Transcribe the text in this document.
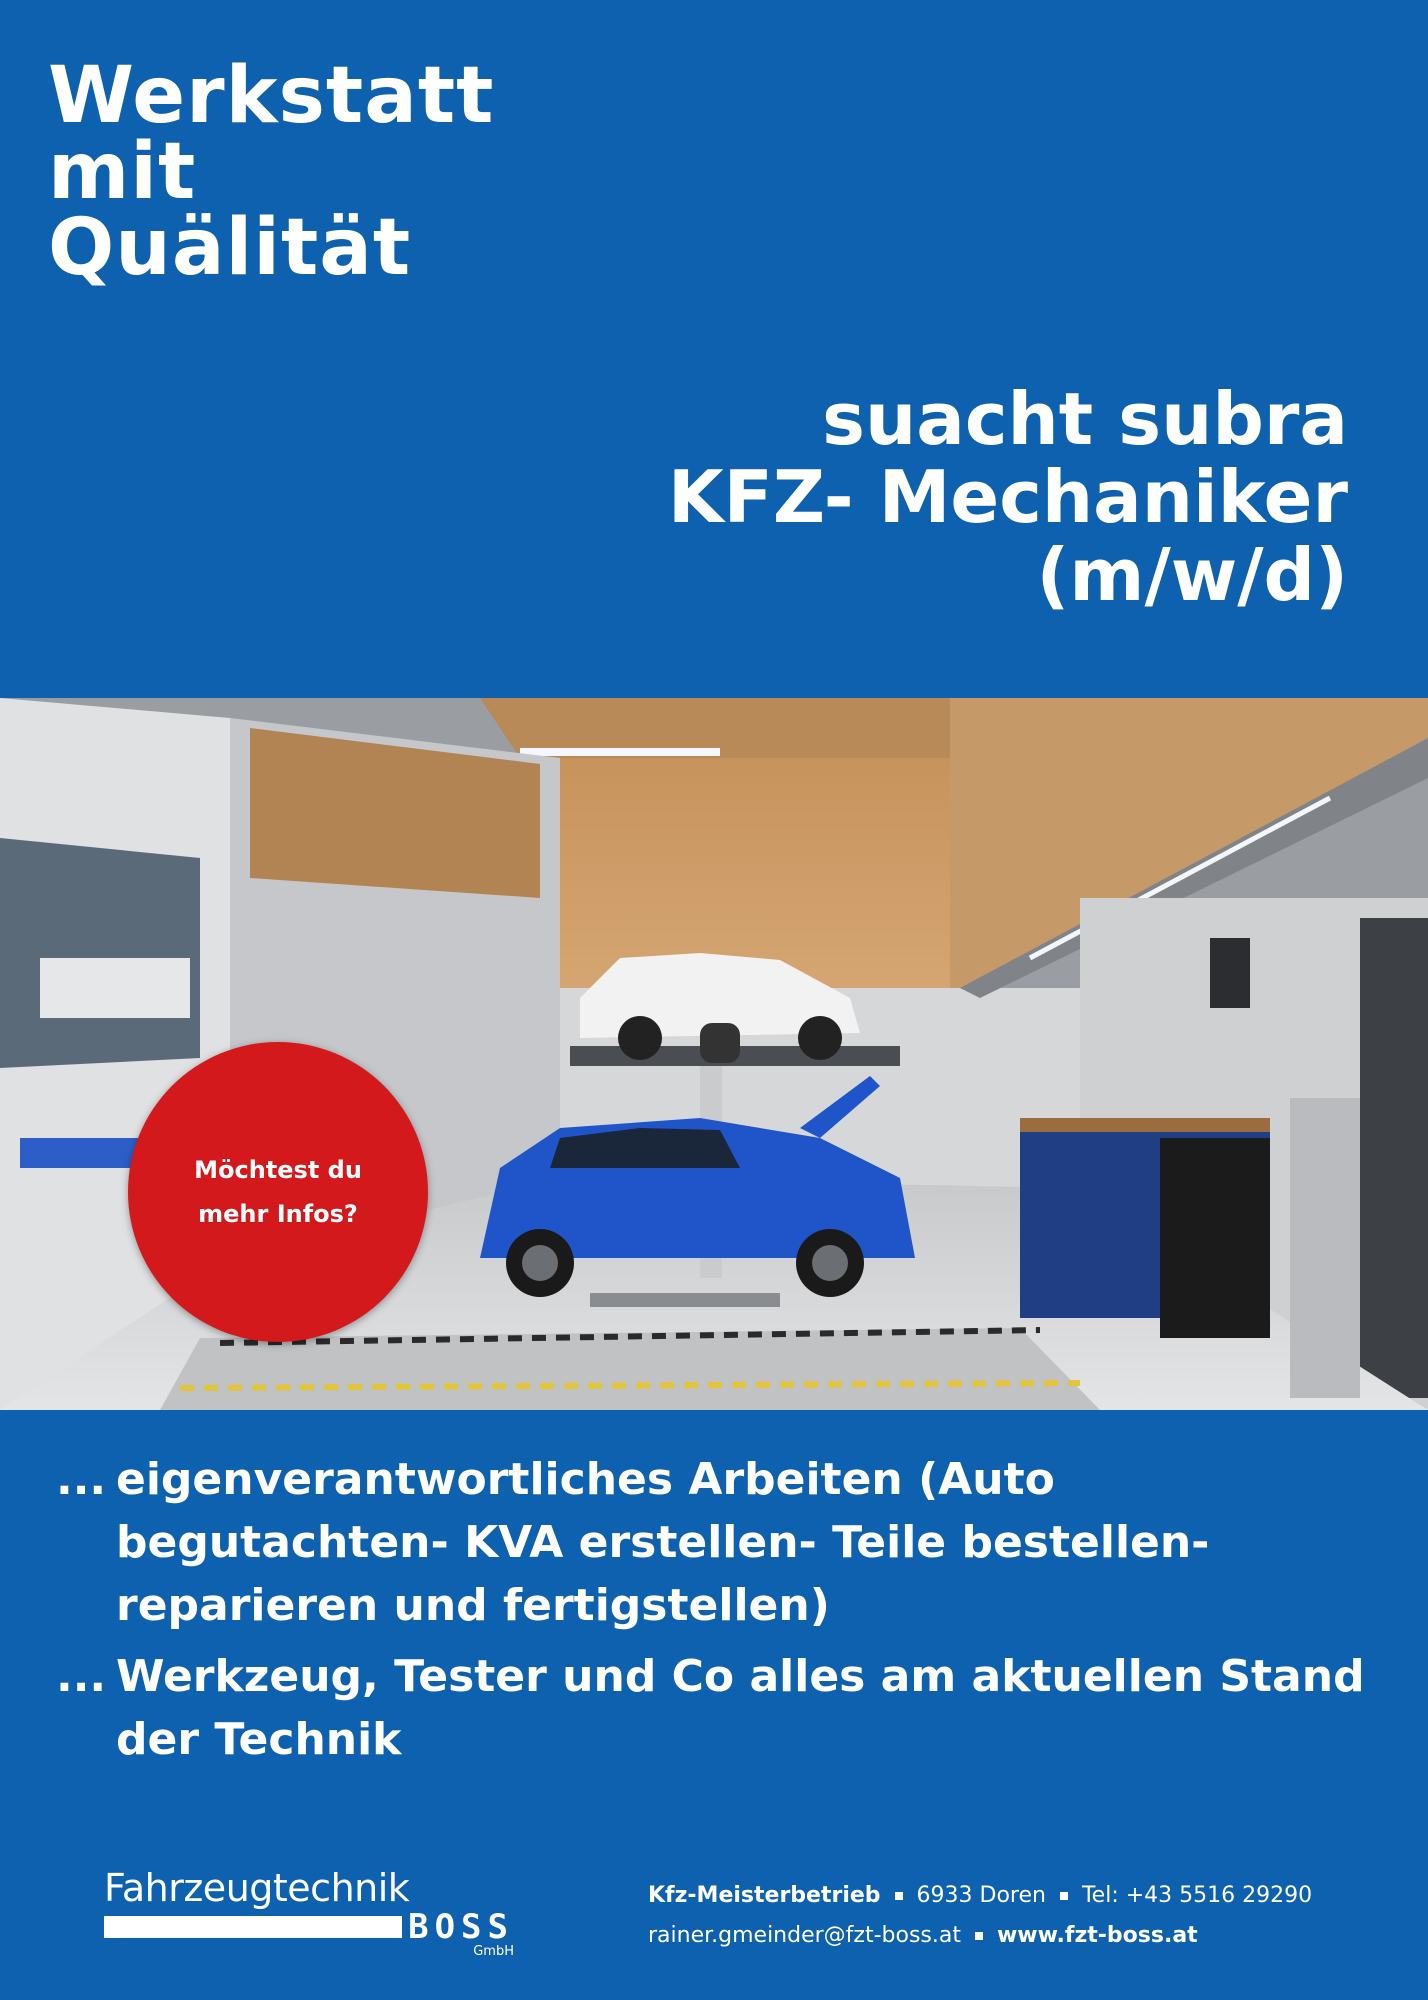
Werkstatt
mit
Quälität
suacht subra
KFZ- Mechaniker
(m/w/d)
Möchtest du
mehr Infos?
... eigenverantwortliches Arbeiten (Auto begutachten- KVA erstellen- Teile bestellen- reparieren und fertigstellen)
... Werkzeug, Tester und Co alles am aktuellen Stand der Technik
Fahrzeugtechnik
BOSS
GmbH
Kfz-Meisterbetrieb 6933 Doren Tel: +43 5516 29290
rainer.gmeinder@fzt-boss.at www.fzt-boss.at
